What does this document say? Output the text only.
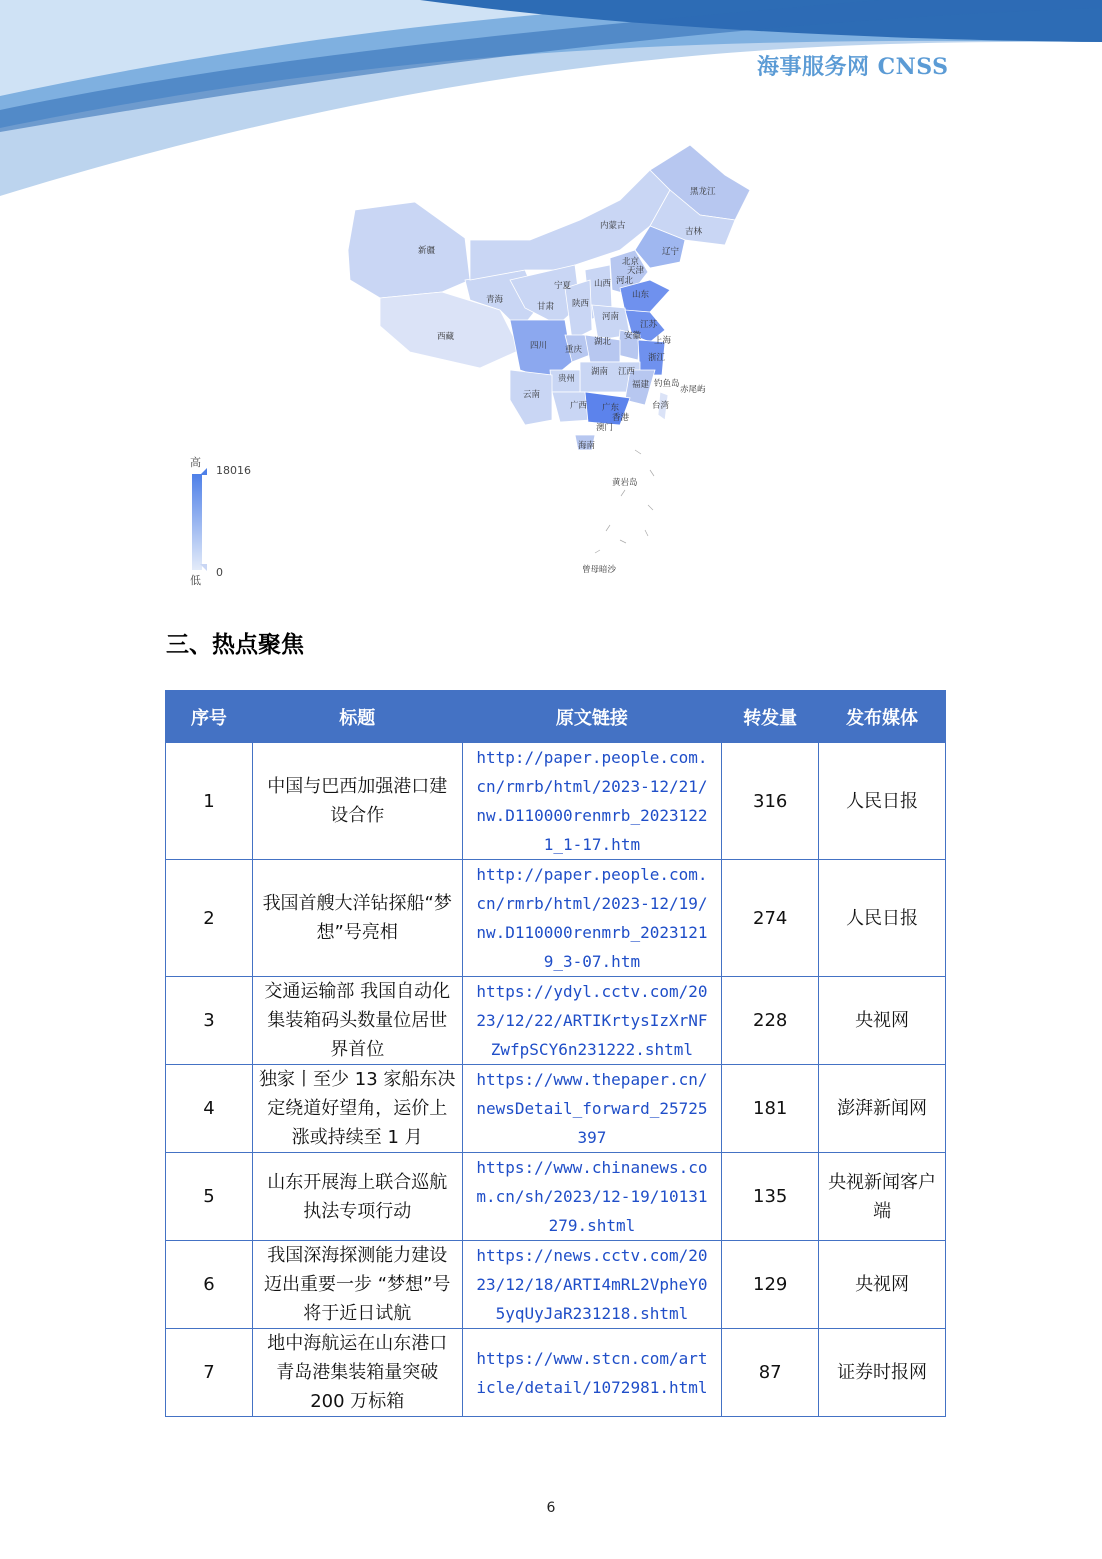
海事服务网 CNSS
黑龙江
吉林
内蒙古
辽宁
北京
天津
新疆
河北
山西
宁夏
山东
青海
甘肃 陕西
河南
江苏
西藏	安徽 上海
四川	湖北
重庆
浙江
湖南 江西
贵州
福建 钓鱼岛
赤尾屿
云南
台湾
广西 广东
香港
澳门
海南
黄岩岛
曾母暗沙
高
18016
0
低
三、热点聚焦
序号	标题	原文链接	转发量	发布媒体
1	中国与巴西加强港口建设合作	http://paper.people.com.cn/rmrb/html/2023-12/21/nw.D110000renmrb_20231221_1-17.htm	316	人民日报
2	我国首艘大洋钻探船“梦想”号亮相	http://paper.people.com.cn/rmrb/html/2023-12/19/nw.D110000renmrb_20231219_3-07.htm	274	人民日报
3	交通运输部 我国自动化集装箱码头数量位居世界首位	https://ydyl.cctv.com/2023/12/22/ARTIKrtysIzXrNFZwfpSCY6n231222.shtml	228	央视网
4	独家丨至少 13 家船东决定绕道好望角，运价上涨或持续至 1 月	https://www.thepaper.cn/newsDetail_forward_25725397	181	澎湃新闻网
5	山东开展海上联合巡航执法专项行动	https://www.chinanews.com.cn/sh/2023/12-19/10131279.shtml	135	央视新闻客户端
6	我国深海探测能力建设迈出重要一步 “梦想”号将于近日试航	https://news.cctv.com/2023/12/18/ARTI4mRL2VpheY05yqUyJaR231218.shtml	129	央视网
7	地中海航运在山东港口青岛港集装箱量突破 200 万标箱	https://www.stcn.com/article/detail/1072981.html	87	证券时报网
6
